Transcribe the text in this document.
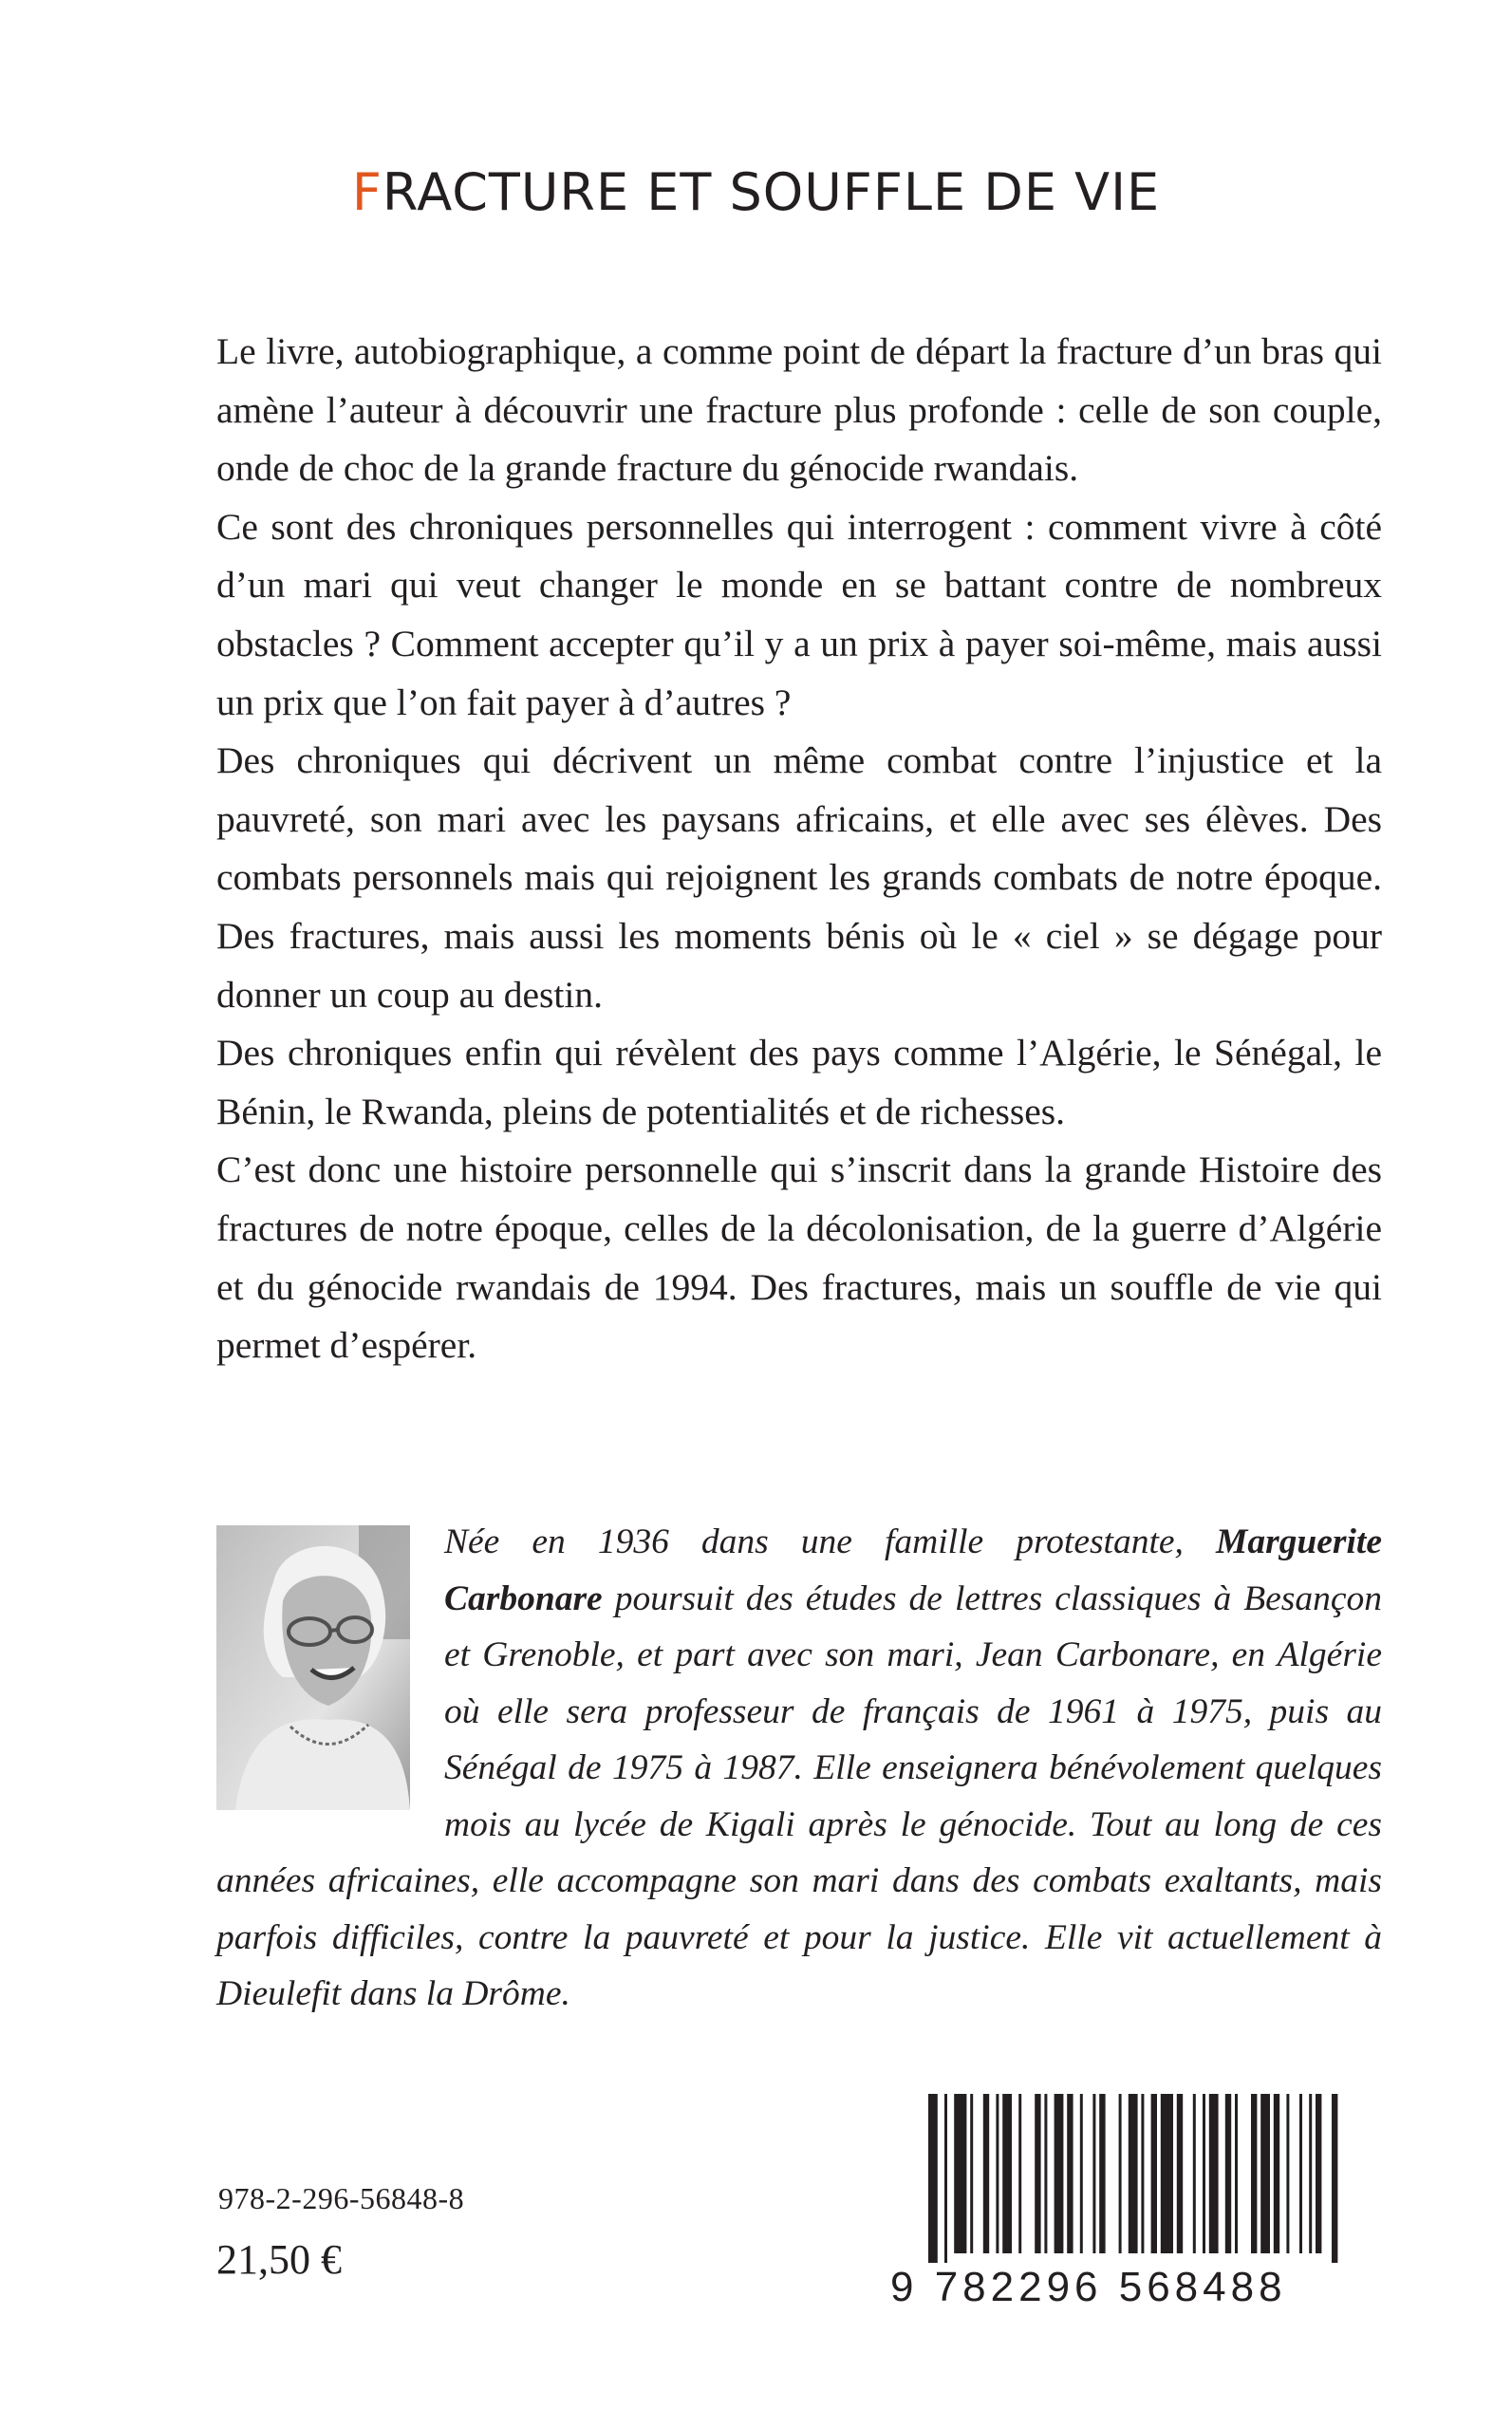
FRACTURE ET SOUFFLE DE VIE

Le livre, autobiographique, a comme point de départ la fracture d’un bras qui amène l’auteur à découvrir une fracture plus profonde : celle de son couple, onde de choc de la grande fracture du génocide rwandais.

Ce sont des chroniques personnelles qui interrogent : comment vivre à côté d’un mari qui veut changer le monde en se battant contre de nombreux obstacles ? Comment accepter qu’il y a un prix à payer soi-même, mais aussi un prix que l’on fait payer à d’autres ?

Des chroniques qui décrivent un même combat contre l’injustice et la pauvreté, son mari avec les paysans africains, et elle avec ses élèves. Des combats personnels mais qui rejoignent les grands combats de notre époque. Des fractures, mais aussi les moments bénis où le « ciel » se dégage pour donner un coup au destin.

Des chroniques enfin qui révèlent des pays comme l’Algérie, le Sénégal, le Bénin, le Rwanda, pleins de potentialités et de richesses.

C’est donc une histoire personnelle qui s’inscrit dans la grande Histoire des fractures de notre époque, celles de la décolonisation, de la guerre d’Algérie et du génocide rwandais de 1994. Des fractures, mais un souffle de vie qui permet d’espérer.

Née en 1936 dans une famille protestante, Marguerite Carbonare poursuit des études de lettres classiques à Besançon et Grenoble, et part avec son mari, Jean Carbonare, en Algérie où elle sera professeur de français de 1961 à 1975, puis au Sénégal de 1975 à 1987. Elle enseignera bénévolement quelques mois au lycée de Kigali après le génocide. Tout au long de ces années africaines, elle accompagne son mari dans des combats exaltants, mais parfois difficiles, contre la pauvreté et pour la justice. Elle vit actuellement à Dieulefit dans la Drôme.

978-2-296-56848-8
21,50 €
9 782296 568488
